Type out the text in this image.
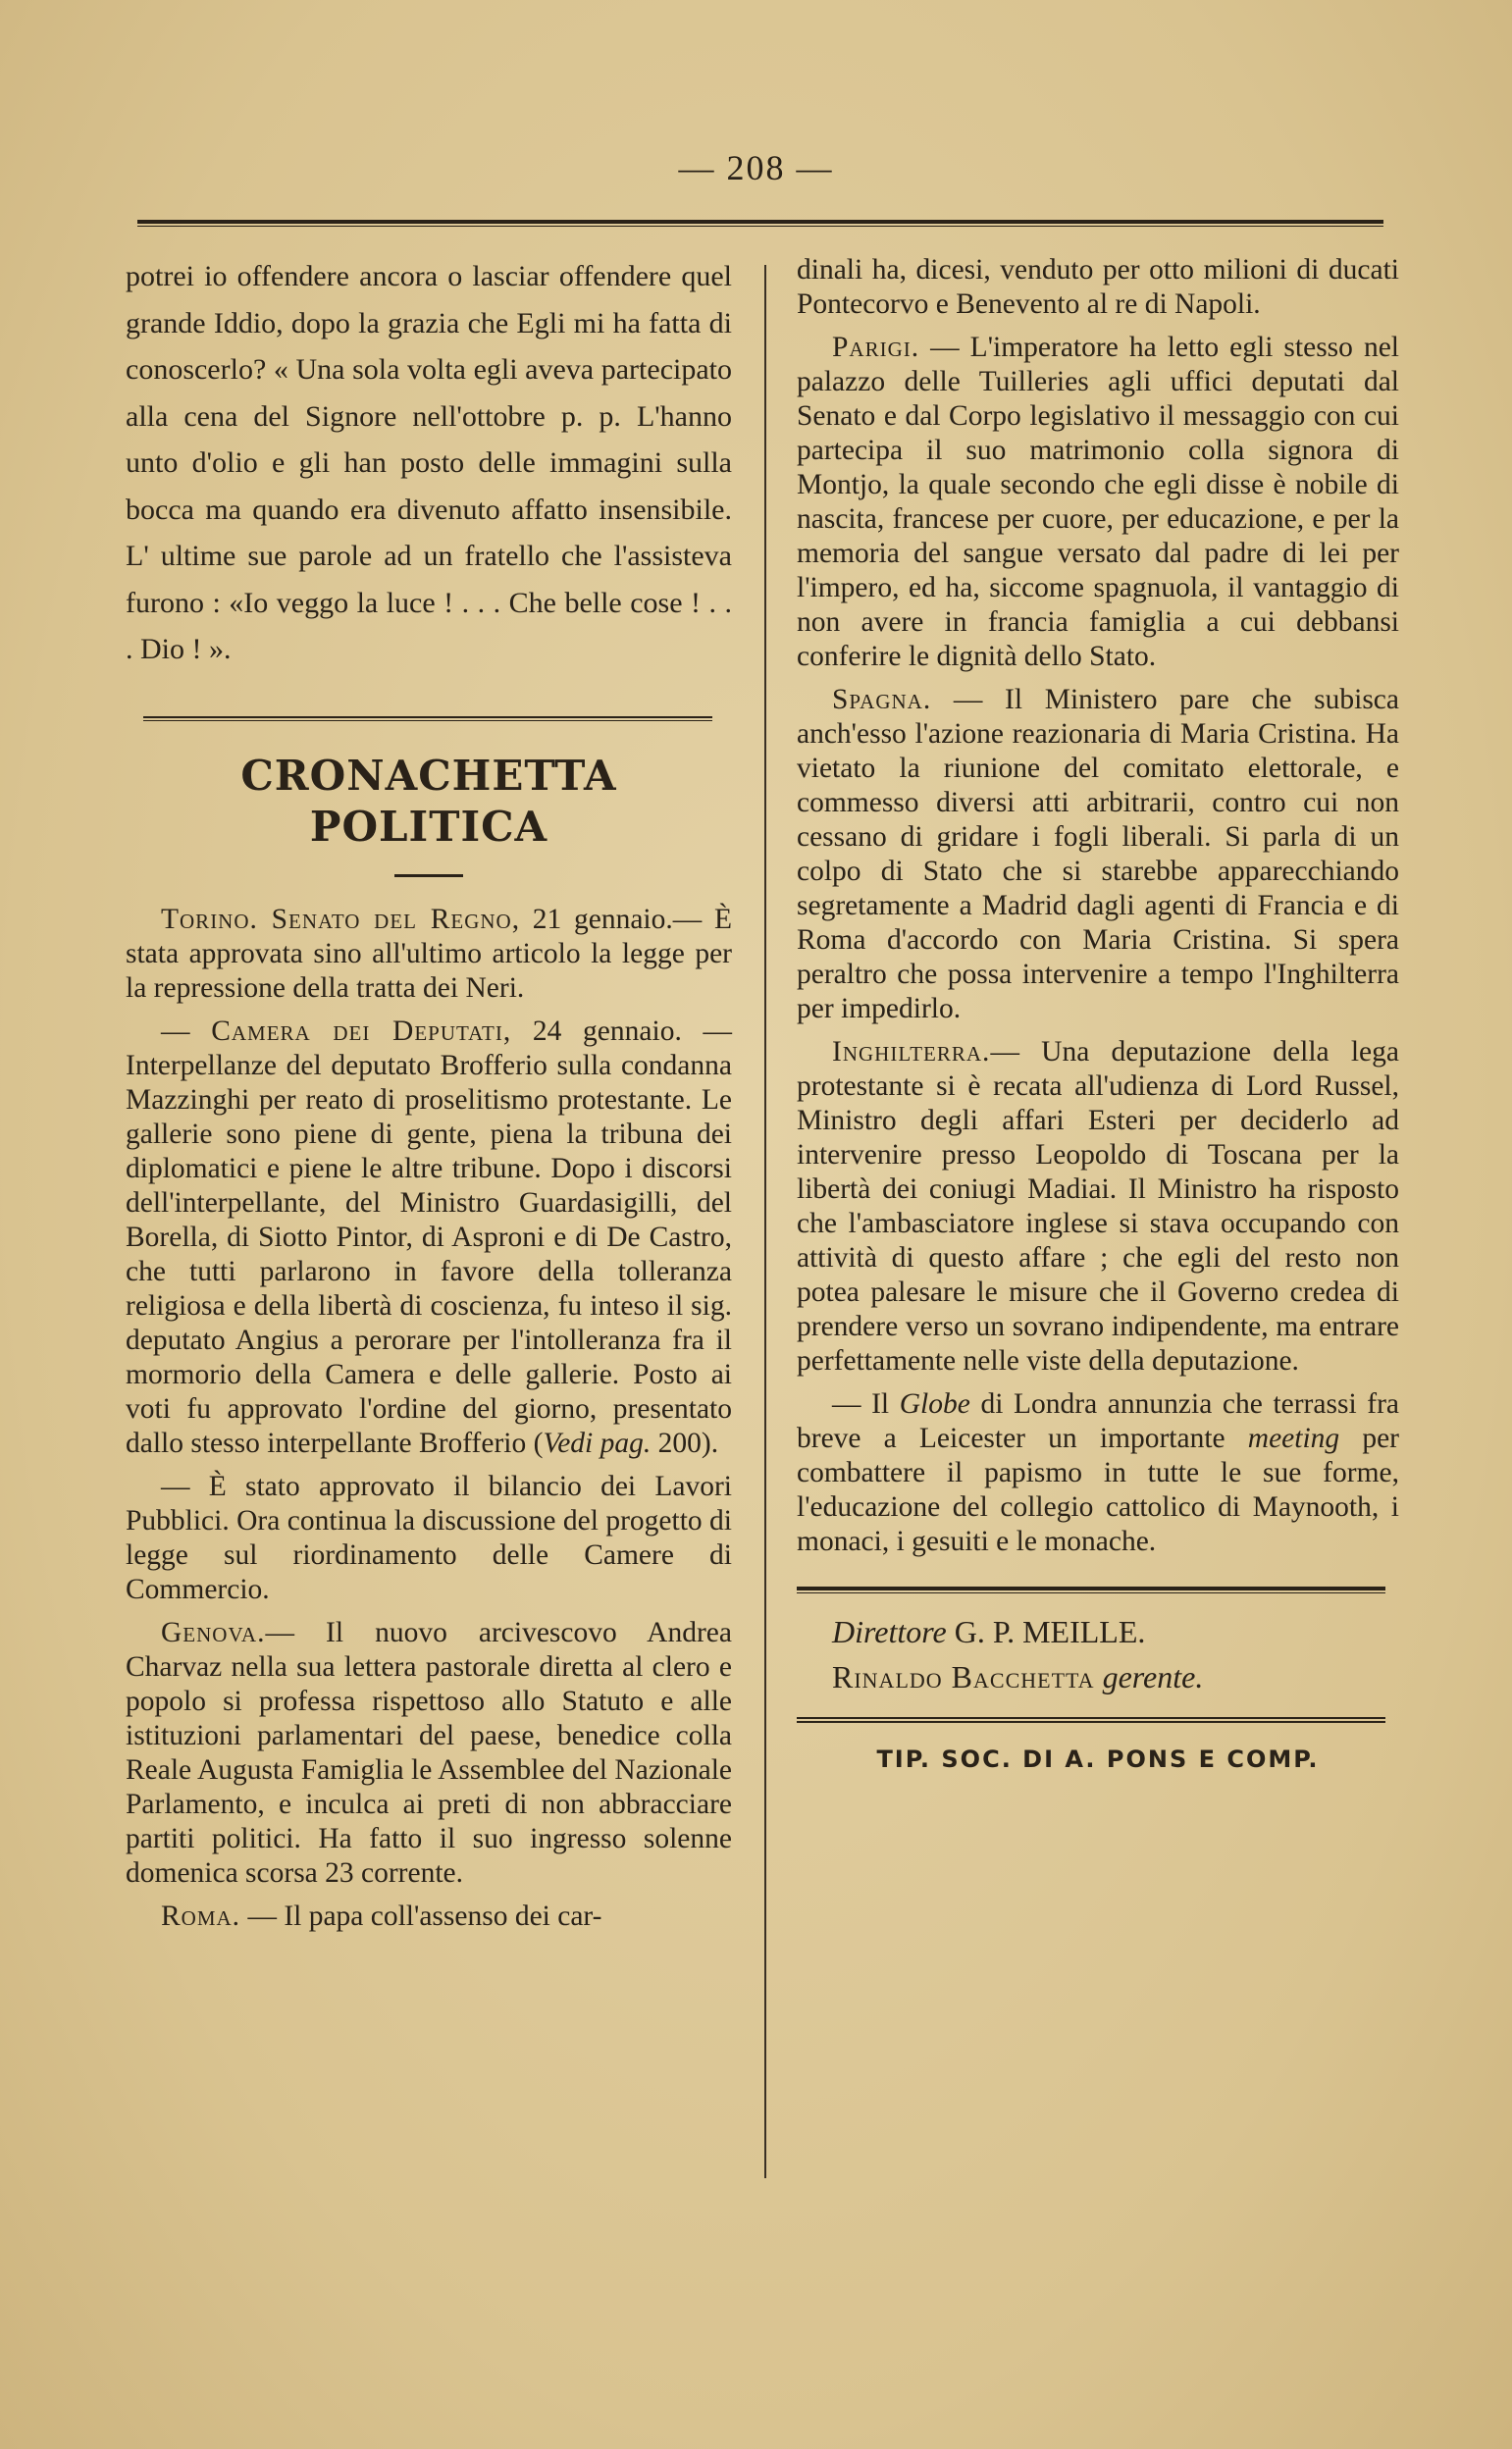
— 208 —

potrei io offendere ancora o lasciar offendere quel grande Iddio, dopo la grazia che Egli mi ha fatta di conoscerlo? « Una sola volta egli aveva partecipato alla cena del Signore nell'ottobre p. p. L'hanno unto d'olio e gli han posto delle immagini sulla bocca ma quando era divenuto affatto insensibile. L' ultime sue parole ad un fratello che l'assisteva furono : «Io veggo la luce ! . . . Che belle cose ! . . . Dio ! ».

CRONACHETTA POLITICA

Torino. Senato del Regno, 21 gennaio.— È stata approvata sino all'ultimo articolo la legge per la repressione della tratta dei Neri.

— Camera dei Deputati, 24 gennaio. — Interpellanze del deputato Brofferio sulla condanna Mazzinghi per reato di proselitismo protestante. Le gallerie sono piene di gente, piena la tribuna dei diplomatici e piene le altre tribune. Dopo i discorsi dell'interpellante, del Ministro Guardasigilli, del Borella, di Siotto Pintor, di Asproni e di De Castro, che tutti parlarono in favore della tolleranza religiosa e della libertà di coscienza, fu inteso il sig. deputato Angius a perorare per l'intolleranza fra il mormorio della Camera e delle gallerie. Posto ai voti fu approvato l'ordine del giorno, presentato dallo stesso interpellante Brofferio (Vedi pag. 200).

— È stato approvato il bilancio dei Lavori Pubblici. Ora continua la discussione del progetto di legge sul riordinamento delle Camere di Commercio.

Genova.— Il nuovo arcivescovo Andrea Charvaz nella sua lettera pastorale diretta al clero e popolo si professa rispettoso allo Statuto e alle istituzioni parlamentari del paese, benedice colla Reale Augusta Famiglia le Assemblee del Nazionale Parlamento, e inculca ai preti di non abbracciare partiti politici. Ha fatto il suo ingresso solenne domenica scorsa 23 corrente.

Roma. — Il papa coll'assenso dei car-

dinali ha, dicesi, venduto per otto milioni di ducati Pontecorvo e Benevento al re di Napoli.

Parigi. — L'imperatore ha letto egli stesso nel palazzo delle Tuilleries agli uffici deputati dal Senato e dal Corpo legislativo il messaggio con cui partecipa il suo matrimonio colla signora di Montjo, la quale secondo che egli disse è nobile di nascita, francese per cuore, per educazione, e per la memoria del sangue versato dal padre di lei per l'impero, ed ha, siccome spagnuola, il vantaggio di non avere in francia famiglia a cui debbansi conferire le dignità dello Stato.

Spagna. — Il Ministero pare che subisca anch'esso l'azione reazionaria di Maria Cristina. Ha vietato la riunione del comitato elettorale, e commesso diversi atti arbitrarii, contro cui non cessano di gridare i fogli liberali. Si parla di un colpo di Stato che si starebbe apparecchiando segretamente a Madrid dagli agenti di Francia e di Roma d'accordo con Maria Cristina. Si spera peraltro che possa intervenire a tempo l'Inghilterra per impedirlo.

Inghilterra.— Una deputazione della lega protestante si è recata all'udienza di Lord Russel, Ministro degli affari Esteri per deciderlo ad intervenire presso Leopoldo di Toscana per la libertà dei coniugi Madiai. Il Ministro ha risposto che l'ambasciatore inglese si stava occupando con attività di questo affare ; che egli del resto non potea palesare le misure che il Governo credea di prendere verso un sovrano indipendente, ma entrare perfettamente nelle viste della deputazione.

— Il Globe di Londra annunzia che terrassi fra breve a Leicester un importante meeting per combattere il papismo in tutte le sue forme, l'educazione del collegio cattolico di Maynooth, i monaci, i gesuiti e le monache.

Direttore G. P. MEILLE.

Rinaldo Bacchetta gerente.

TIP. SOC. DI A. PONS E COMP.
